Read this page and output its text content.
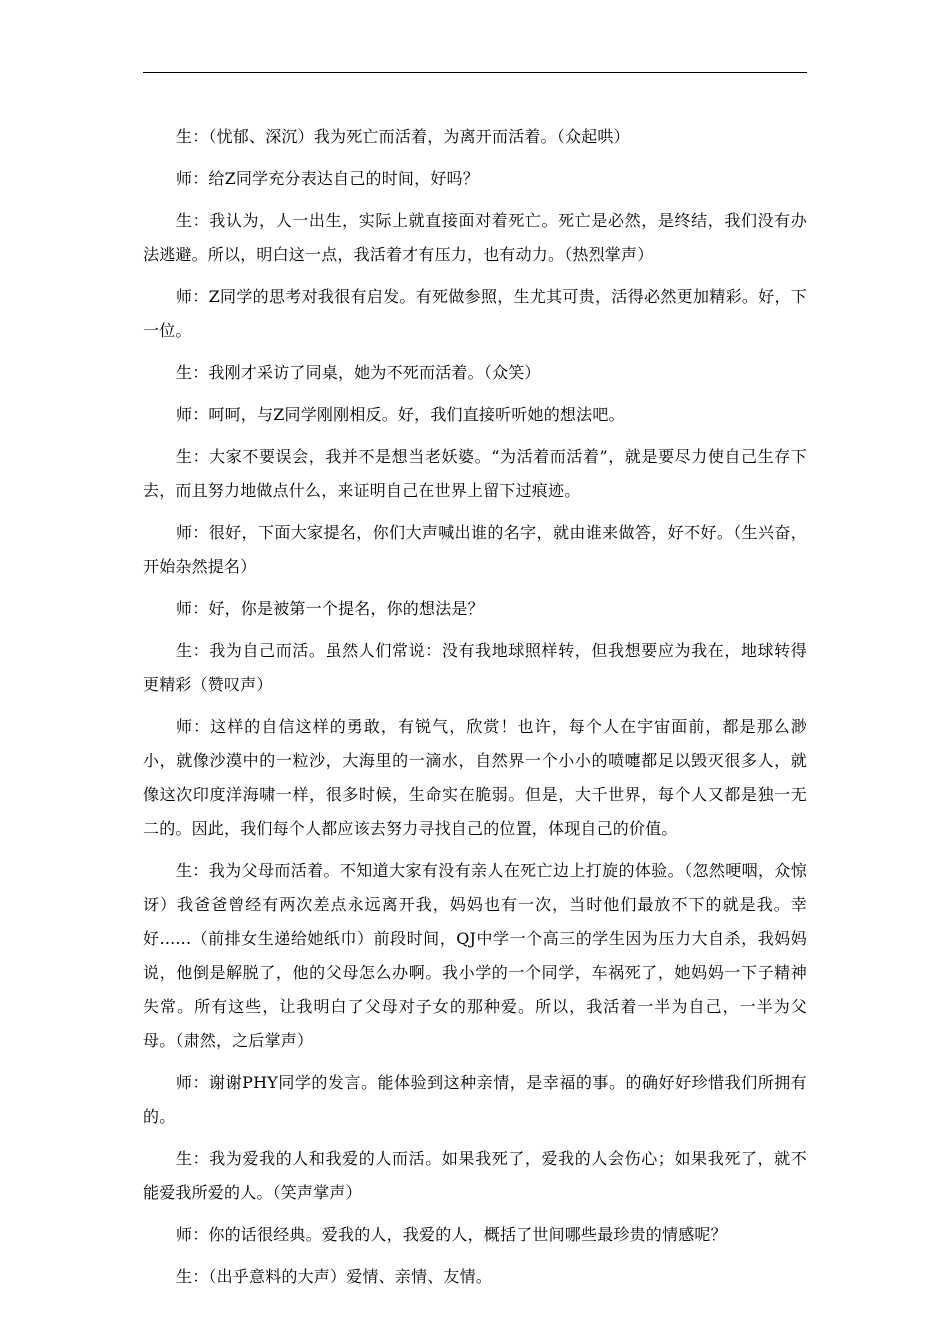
生：（忧郁、深沉）我为死亡而活着，为离开而活着。（众起哄）

师：给Z同学充分表达自己的时间，好吗？

生：我认为，人一出生，实际上就直接面对着死亡。死亡是必然，是终结，我们没有办法逃避。所以，明白这一点，我活着才有压力，也有动力。（热烈掌声）

师：Z同学的思考对我很有启发。有死做参照，生尤其可贵，活得必然更加精彩。好，下一位。

生：我刚才采访了同桌，她为不死而活着。（众笑）

师：呵呵，与Z同学刚刚相反。好，我们直接听听她的想法吧。

生：大家不要误会，我并不是想当老妖婆。“为活着而活着”，就是要尽力使自己生存下去，而且努力地做点什么，来证明自己在世界上留下过痕迹。

师：很好，下面大家提名，你们大声喊出谁的名字，就由谁来做答，好不好。（生兴奋，开始杂然提名）

师：好，你是被第一个提名，你的想法是？

生：我为自己而活。虽然人们常说：没有我地球照样转，但我想要应为我在，地球转得更精彩（赞叹声）

师：这样的自信这样的勇敢，有锐气，欣赏！也许，每个人在宇宙面前，都是那么渺小，就像沙漠中的一粒沙，大海里的一滴水，自然界一个小小的喷嚏都足以毁灭很多人，就像这次印度洋海啸一样，很多时候，生命实在脆弱。但是，大千世界，每个人又都是独一无二的。因此，我们每个人都应该去努力寻找自己的位置，体现自己的价值。

生：我为父母而活着。不知道大家有没有亲人在死亡边上打旋的体验。（忽然哽咽，众惊讶）我爸爸曾经有两次差点永远离开我，妈妈也有一次，当时他们最放不下的就是我。幸好......（前排女生递给她纸巾）前段时间，QJ中学一个高三的学生因为压力大自杀，我妈妈说，他倒是解脱了，他的父母怎么办啊。我小学的一个同学，车祸死了，她妈妈一下子精神失常。所有这些，让我明白了父母对子女的那种爱。所以，我活着一半为自己，一半为父母。（肃然，之后掌声）

师：谢谢PHY同学的发言。能体验到这种亲情，是幸福的事。的确好好珍惜我们所拥有的。

生：我为爱我的人和我爱的人而活。如果我死了，爱我的人会伤心；如果我死了，就不能爱我所爱的人。（笑声掌声）

师：你的话很经典。爱我的人，我爱的人，概括了世间哪些最珍贵的情感呢？

生：（出乎意料的大声）爱情、亲情、友情。
